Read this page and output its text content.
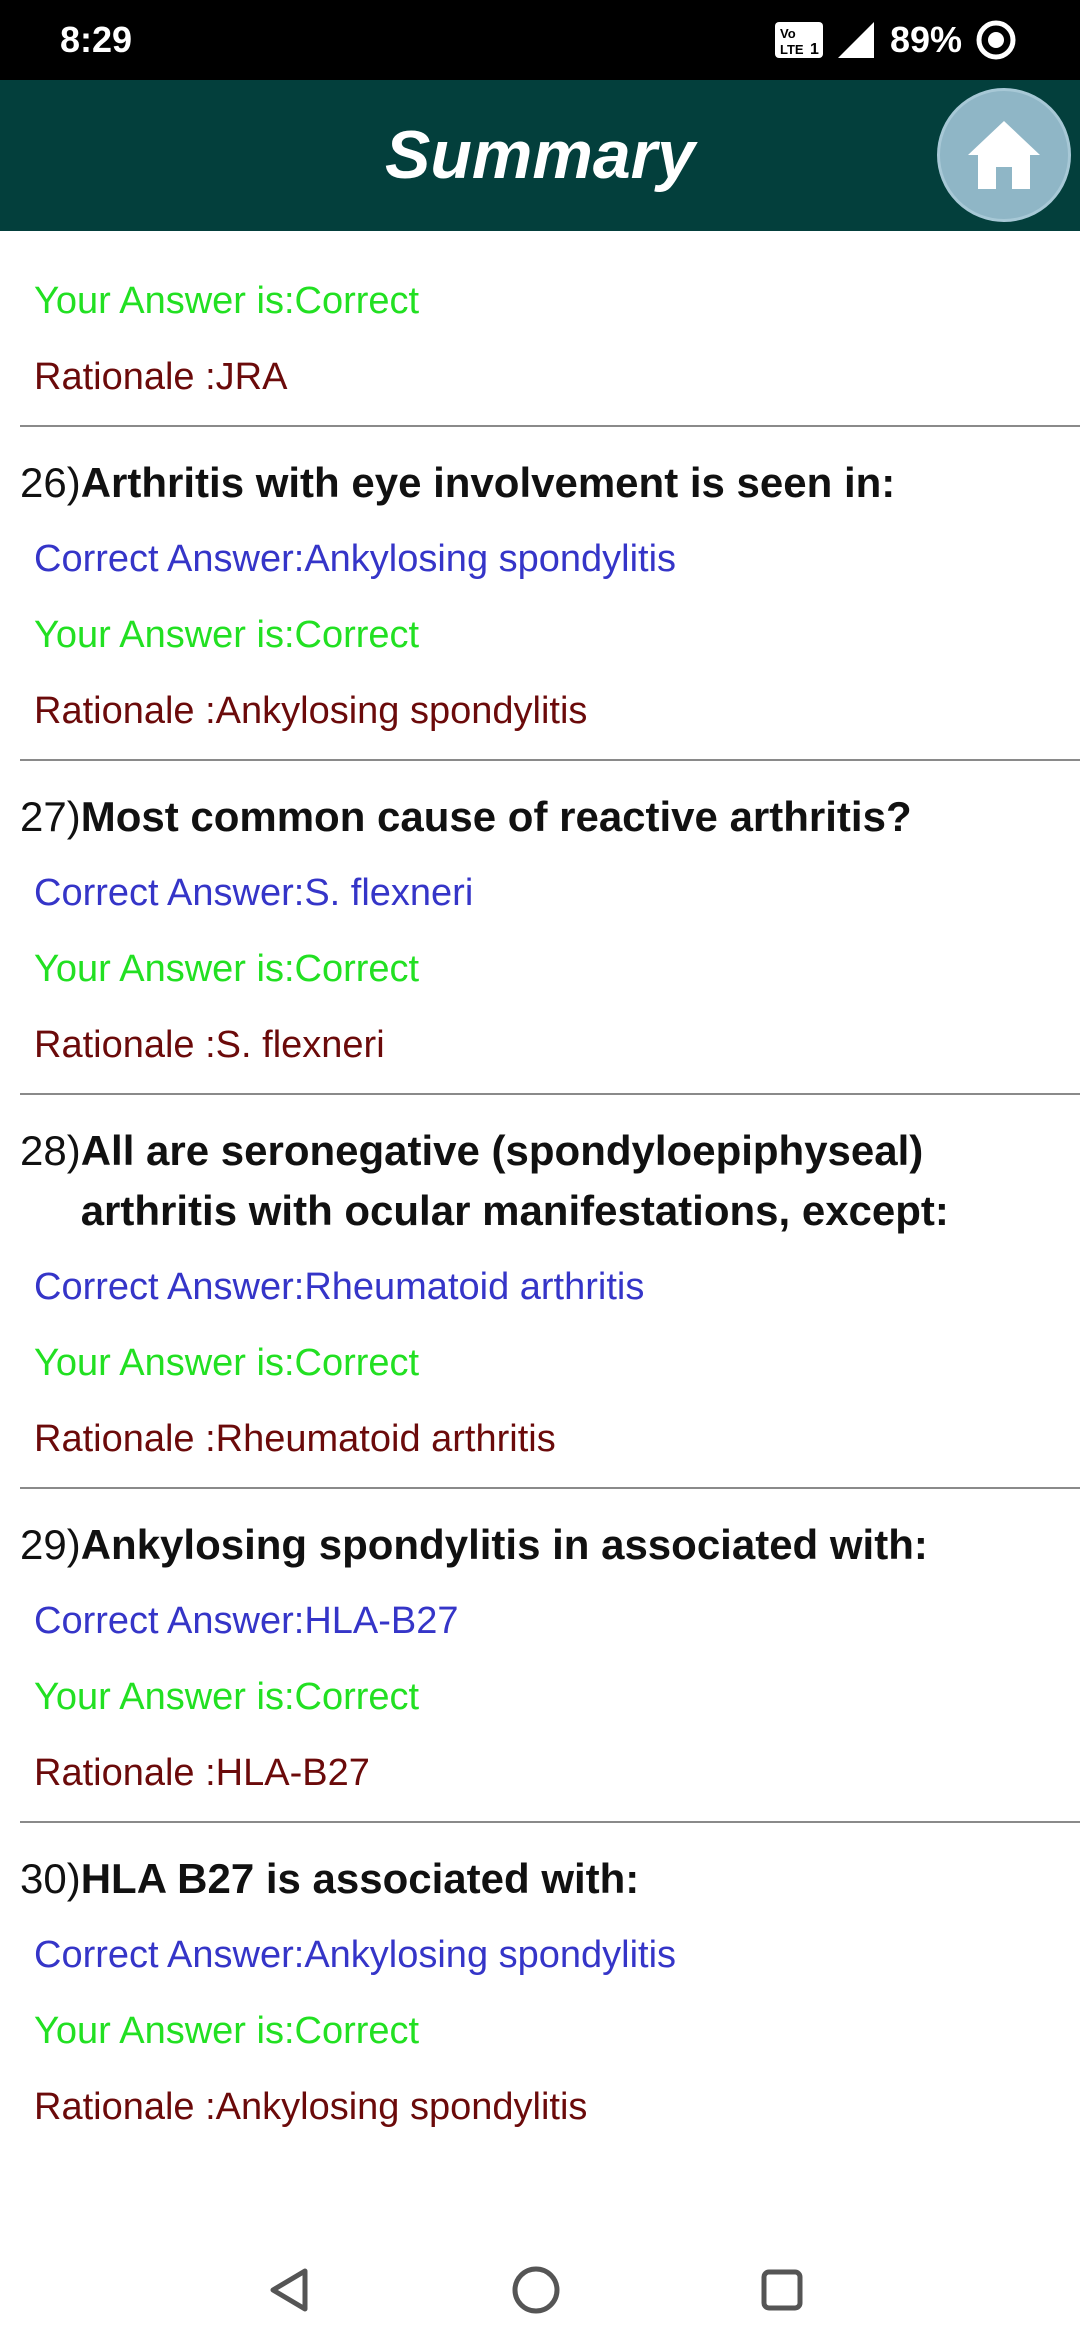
8:29	Vo
LTE 1 89%
Summary
Your Answer is:Correct
Rationale :JRA
26) Arthritis with eye involvement is seen in:
Correct Answer:Ankylosing spondylitis
Your Answer is:Correct
Rationale :Ankylosing spondylitis
27) Most common cause of reactive arthritis?
Correct Answer:S. flexneri
Your Answer is:Correct
Rationale :S. flexneri
28) All are seronegative (spondyloepiphyseal) arthritis with ocular manifestations, except:
Correct Answer:Rheumatoid arthritis
Your Answer is:Correct
Rationale :Rheumatoid arthritis
29) Ankylosing spondylitis in associated with:
Correct Answer:HLA-B27
Your Answer is:Correct
Rationale :HLA-B27
30) HLA B27 is associated with:
Correct Answer:Ankylosing spondylitis
Your Answer is:Correct
Rationale :Ankylosing spondylitis
